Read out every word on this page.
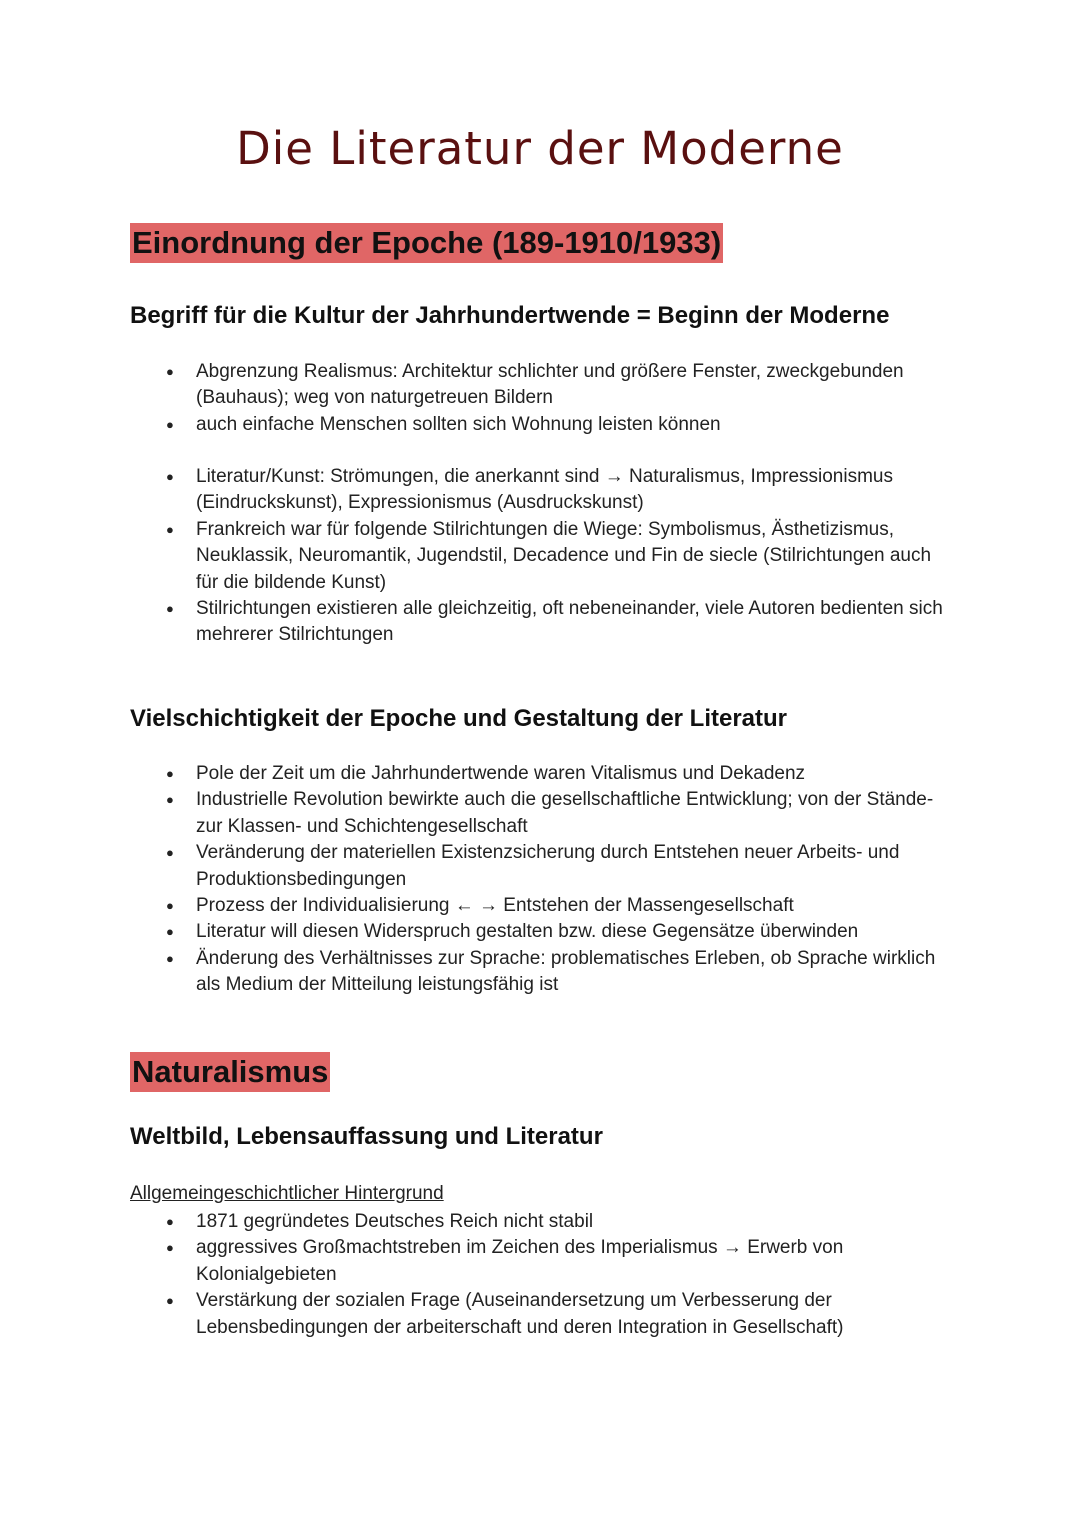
Die Literatur der Moderne
Einordnung der Epoche (189-1910/1933)
Begriff für die Kultur der Jahrhundertwende = Beginn der Moderne
● Abgrenzung Realismus: Architektur schlichter und größere Fenster, zweckgebunden (Bauhaus); weg von naturgetreuen Bildern
● auch einfache Menschen sollten sich Wohnung leisten können
● Literatur/Kunst: Strömungen, die anerkannt sind → Naturalismus, Impressionismus (Eindruckskunst), Expressionismus (Ausdruckskunst)
● Frankreich war für folgende Stilrichtungen die Wiege: Symbolismus, Ästhetizismus, Neuklassik, Neuromantik, Jugendstil, Decadence und Fin de siecle (Stilrichtungen auch für die bildende Kunst)
● Stilrichtungen existieren alle gleichzeitig, oft nebeneinander, viele Autoren bedienten sich mehrerer Stilrichtungen
Vielschichtigkeit der Epoche und Gestaltung der Literatur
● Pole der Zeit um die Jahrhundertwende waren Vitalismus und Dekadenz
● Industrielle Revolution bewirkte auch die gesellschaftliche Entwicklung; von der Stände- zur Klassen- und Schichtengesellschaft
● Veränderung der materiellen Existenzsicherung durch Entstehen neuer Arbeits- und Produktionsbedingungen
● Prozess der Individualisierung ← → Entstehen der Massengesellschaft
● Literatur will diesen Widerspruch gestalten bzw. diese Gegensätze überwinden
● Änderung des Verhältnisses zur Sprache: problematisches Erleben, ob Sprache wirklich als Medium der Mitteilung leistungsfähig ist
Naturalismus
Weltbild, Lebensauffassung und Literatur
Allgemeingeschichtlicher Hintergrund
● 1871 gegründetes Deutsches Reich nicht stabil
● aggressives Großmachtstreben im Zeichen des Imperialismus → Erwerb von Kolonialgebieten
● Verstärkung der sozialen Frage (Auseinandersetzung um Verbesserung der Lebensbedingungen der arbeiterschaft und deren Integration in Gesellschaft)
